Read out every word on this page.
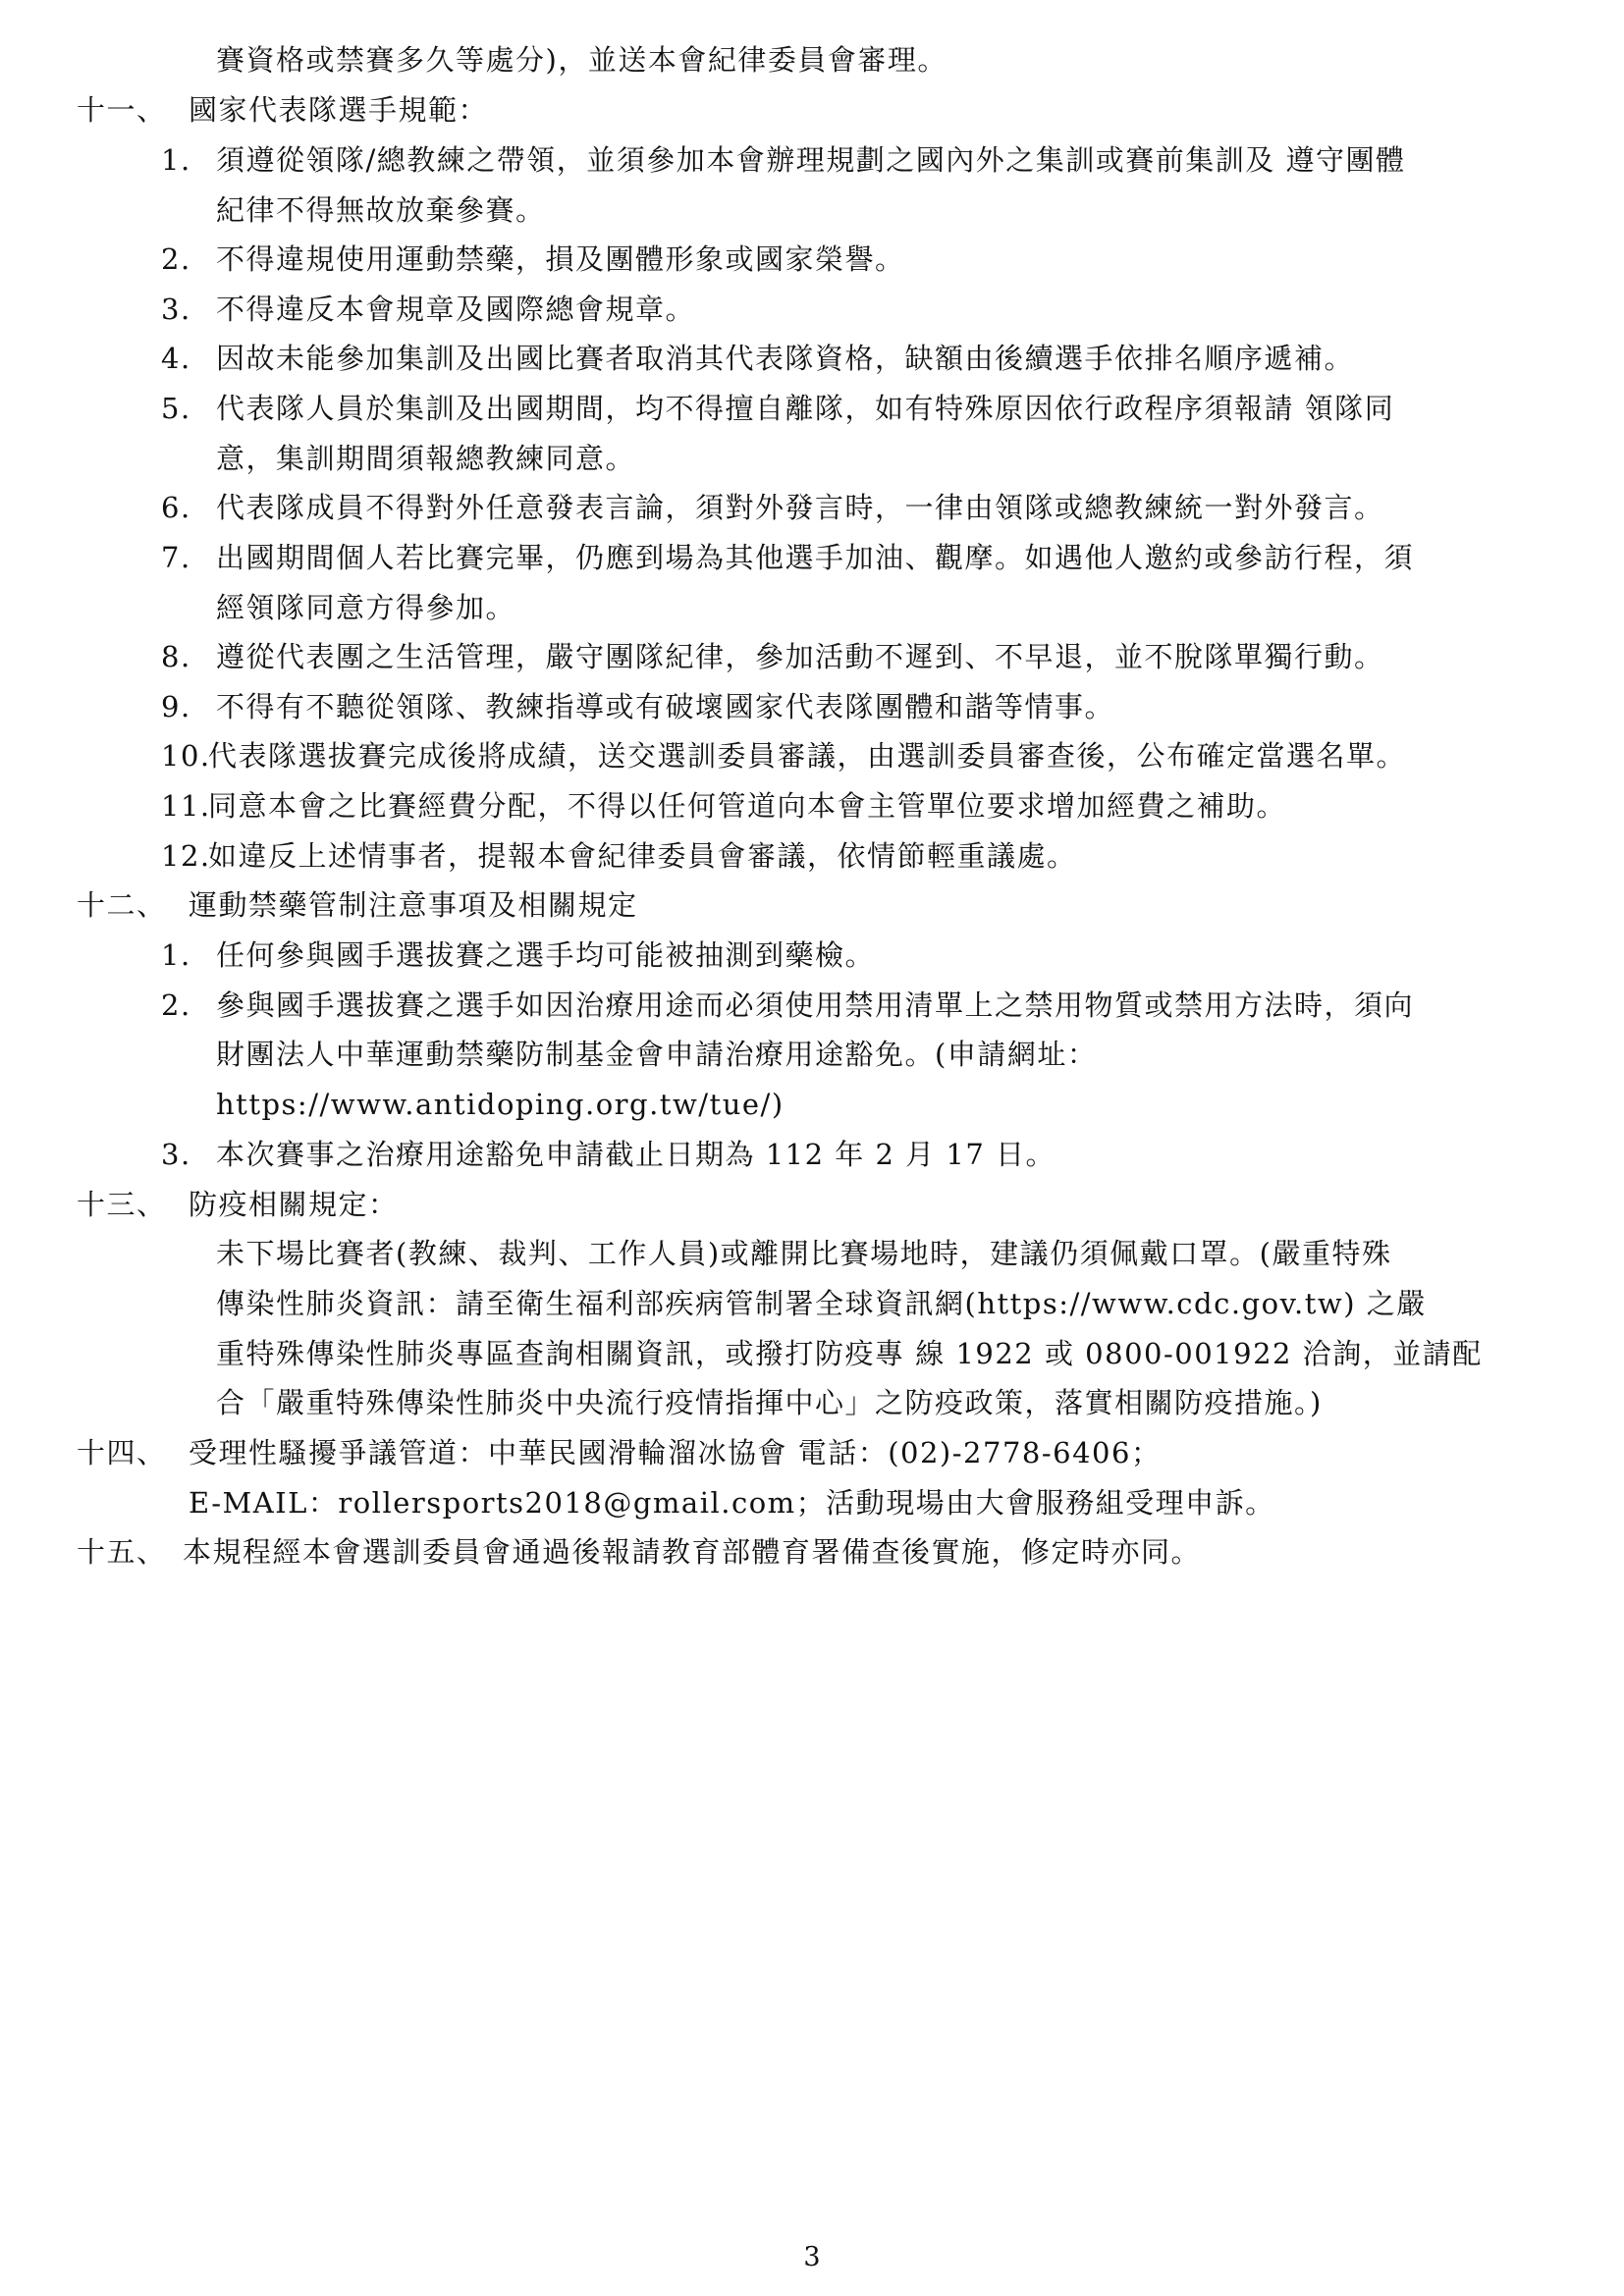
賽資格或禁賽多久等處分)，並送本會紀律委員會審理。
十一、 國家代表隊選手規範：
1. 須遵從領隊/總教練之帶領，並須參加本會辦理規劃之國內外之集訓或賽前集訓及 遵守團體
紀律不得無故放棄參賽。
2. 不得違規使用運動禁藥，損及團體形象或國家榮譽。
3. 不得違反本會規章及國際總會規章。
4. 因故未能參加集訓及出國比賽者取消其代表隊資格，缺額由後續選手依排名順序遞補。
5. 代表隊人員於集訓及出國期間，均不得擅自離隊，如有特殊原因依行政程序須報請 領隊同
意，集訓期間須報總教練同意。
6. 代表隊成員不得對外任意發表言論，須對外發言時，一律由領隊或總教練統一對外發言。
7. 出國期間個人若比賽完畢，仍應到場為其他選手加油、觀摩。如遇他人邀約或參訪行程，須
經領隊同意方得參加。
8. 遵從代表團之生活管理，嚴守團隊紀律，參加活動不遲到、不早退，並不脫隊單獨行動。
9. 不得有不聽從領隊、教練指導或有破壞國家代表隊團體和諧等情事。
10.
代表隊選拔賽完成後將成績，送交選訓委員審議，由選訓委員審查後，公布確定當選名單。
11.
同意本會之比賽經費分配，不得以任何管道向本會主管單位要求增加經費之補助。
12.
如違反上述情事者，提報本會紀律委員會審議，依情節輕重議處。
十二、 運動禁藥管制注意事項及相關規定
1. 任何參與國手選拔賽之選手均可能被抽測到藥檢。
2. 參與國手選拔賽之選手如因治療用途而必須使用禁用清單上之禁用物質或禁用方法時，須向
財團法人中華運動禁藥防制基金會申請治療用途豁免。(申請網址：
https://www.antidoping.org.tw/tue/)
3. 本次賽事之治療用途豁免申請截止日期為 112 年 2 月 17 日。
十三、 防疫相關規定：
未下場比賽者(教練、裁判、工作人員)或離開比賽場地時，建議仍須佩戴口罩。(嚴重特殊
傳染性肺炎資訊：請至衛生福利部疾病管制署全球資訊網(https://www.cdc.gov.tw) 之嚴
重特殊傳染性肺炎專區查詢相關資訊，或撥打防疫專 線 1922 或 0800-001922 洽詢，並請配
合「嚴重特殊傳染性肺炎中央流行疫情指揮中心」之防疫政策，落實相關防疫措施。)
十四、 受理性騷擾爭議管道：中華民國滑輪溜冰協會 電話：(02)-2778-6406；
E-MAIL：rollersports2018@gmail.com；活動現場由大會服務組受理申訴。
十五、 本規程經本會選訓委員會通過後報請教育部體育署備查後實施，修定時亦同。
3
